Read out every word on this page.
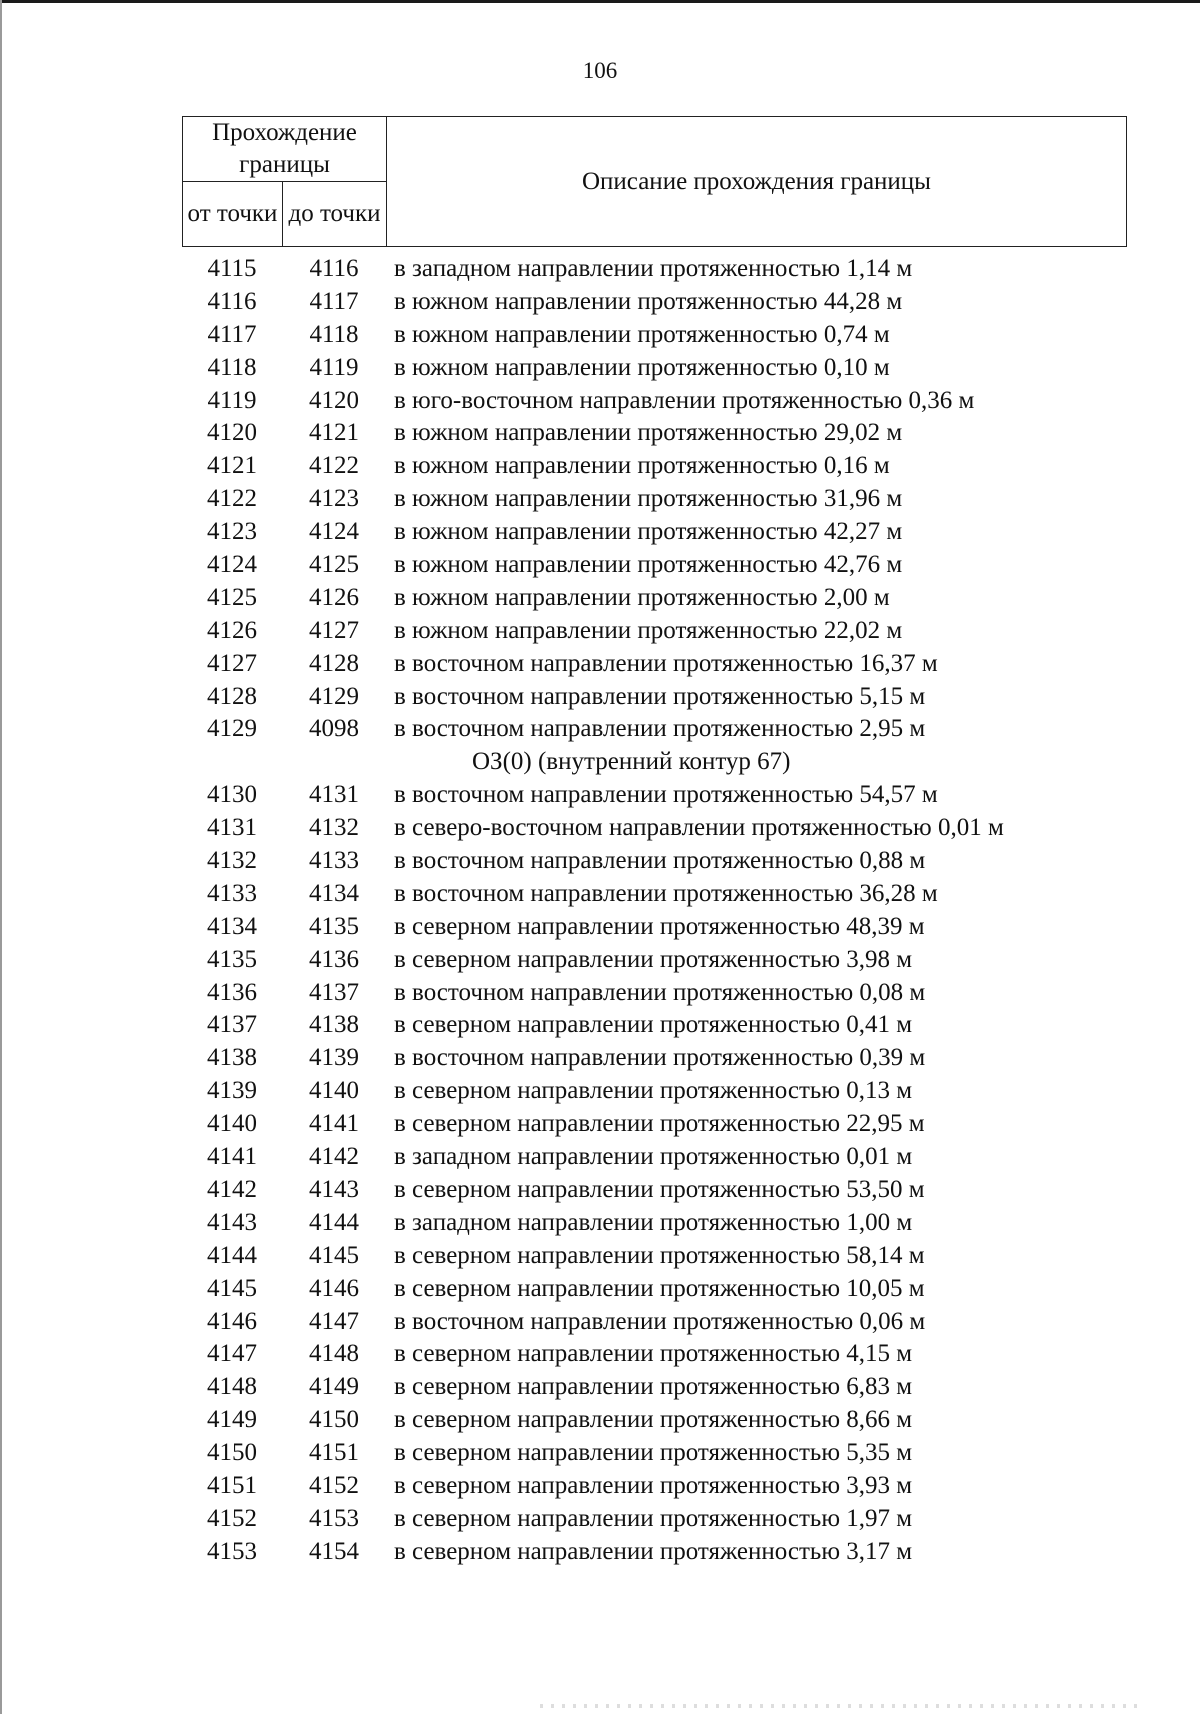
106
Прохождение границы		Описание прохождения границы
от точки	до точки	
4115	4116	в западном направлении протяженностью 1,14 м
4116	4117	в южном направлении протяженностью 44,28 м
4117	4118	в южном направлении протяженностью 0,74 м
4118	4119	в южном направлении протяженностью 0,10 м
4119	4120	в юго-восточном направлении протяженностью 0,36 м
4120	4121	в южном направлении протяженностью 29,02 м
4121	4122	в южном направлении протяженностью 0,16 м
4122	4123	в южном направлении протяженностью 31,96 м
4123	4124	в южном направлении протяженностью 42,27 м
4124	4125	в южном направлении протяженностью 42,76 м
4125	4126	в южном направлении протяженностью 2,00 м
4126	4127	в южном направлении протяженностью 22,02 м
4127	4128	в восточном направлении протяженностью 16,37 м
4128	4129	в восточном направлении протяженностью 5,15 м
4129	4098	в восточном направлении протяженностью 2,95 м
ОЗ(0) (внутренний контур 67)
4130	4131	в восточном направлении протяженностью 54,57 м
4131	4132	в северо-восточном направлении протяженностью 0,01 м
4132	4133	в восточном направлении протяженностью 0,88 м
4133	4134	в восточном направлении протяженностью 36,28 м
4134	4135	в северном направлении протяженностью 48,39 м
4135	4136	в северном направлении протяженностью 3,98 м
4136	4137	в восточном направлении протяженностью 0,08 м
4137	4138	в северном направлении протяженностью 0,41 м
4138	4139	в восточном направлении протяженностью 0,39 м
4139	4140	в северном направлении протяженностью 0,13 м
4140	4141	в северном направлении протяженностью 22,95 м
4141	4142	в западном направлении протяженностью 0,01 м
4142	4143	в северном направлении протяженностью 53,50 м
4143	4144	в западном направлении протяженностью 1,00 м
4144	4145	в северном направлении протяженностью 58,14 м
4145	4146	в северном направлении протяженностью 10,05 м
4146	4147	в восточном направлении протяженностью 0,06 м
4147	4148	в северном направлении протяженностью 4,15 м
4148	4149	в северном направлении протяженностью 6,83 м
4149	4150	в северном направлении протяженностью 8,66 м
4150	4151	в северном направлении протяженностью 5,35 м
4151	4152	в северном направлении протяженностью 3,93 м
4152	4153	в северном направлении протяженностью 1,97 м
4153	4154	в северном направлении протяженностью 3,17 м
